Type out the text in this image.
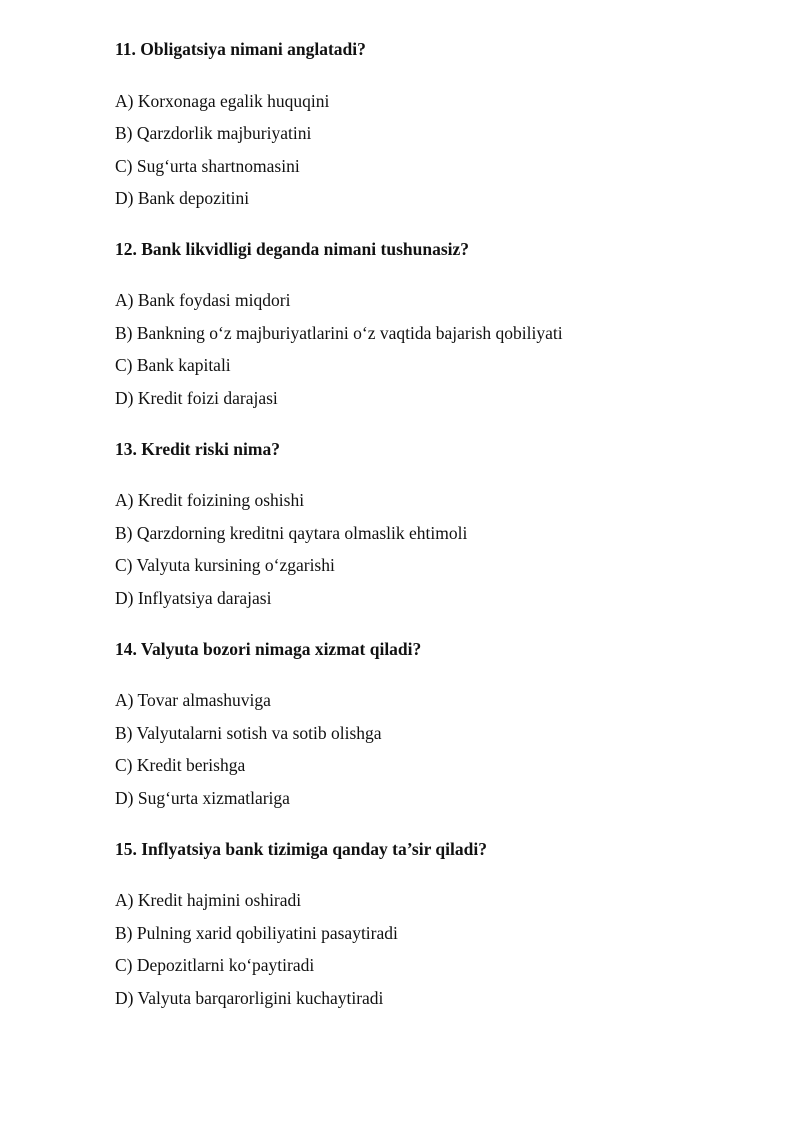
11. Obligatsiya nimani anglatadi?

A) Korxonaga egalik huquqini

B) Qarzdorlik majburiyatini

C) Sug‘urta shartnomasini

D) Bank depozitini

12. Bank likvidligi deganda nimani tushunasiz?

A) Bank foydasi miqdori

B) Bankning o‘z majburiyatlarini o‘z vaqtida bajarish qobiliyati

C) Bank kapitali

D) Kredit foizi darajasi

13. Kredit riski nima?

A) Kredit foizining oshishi

B) Qarzdorning kreditni qaytara olmaslik ehtimoli

C) Valyuta kursining o‘zgarishi

D) Inflyatsiya darajasi

14. Valyuta bozori nimaga xizmat qiladi?

A) Tovar almashuviga

B) Valyutalarni sotish va sotib olishga

C) Kredit berishga

D) Sug‘urta xizmatlariga

15. Inflyatsiya bank tizimiga qanday ta’sir qiladi?

A) Kredit hajmini oshiradi

B) Pulning xarid qobiliyatini pasaytiradi

C) Depozitlarni ko‘paytiradi

D) Valyuta barqarorligini kuchaytiradi
